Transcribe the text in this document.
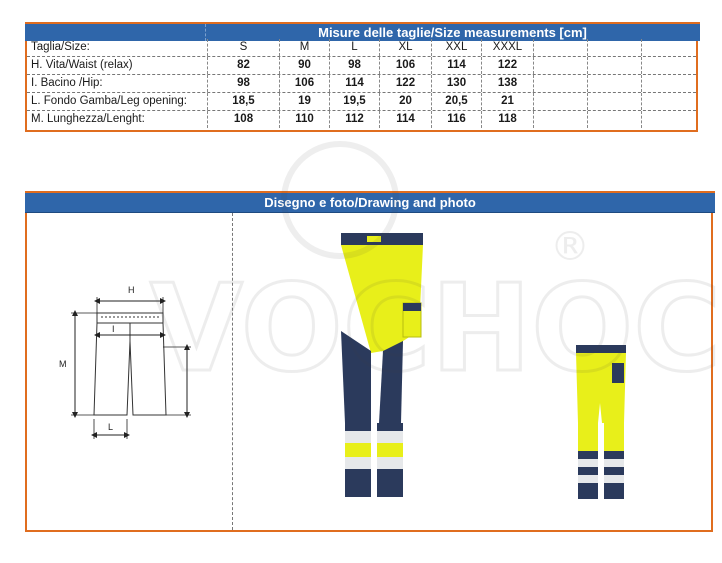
Misure delle taglie/Size measurements [cm]
Taglia/Size:	S	M	L	XL	XXL	XXXL
H. Vita/Waist (relax)	82	90	98	106	114	122
I. Bacino /Hip:	98	106	114	122	130	138
L. Fondo Gamba/Leg opening:	18,5	19	19,5	20	20,5	21
M. Lunghezza/Lenght:	108	110	112	114	116	118
Disegno e foto/Drawing and photo
H
I
M
L
VOCHOC
®
